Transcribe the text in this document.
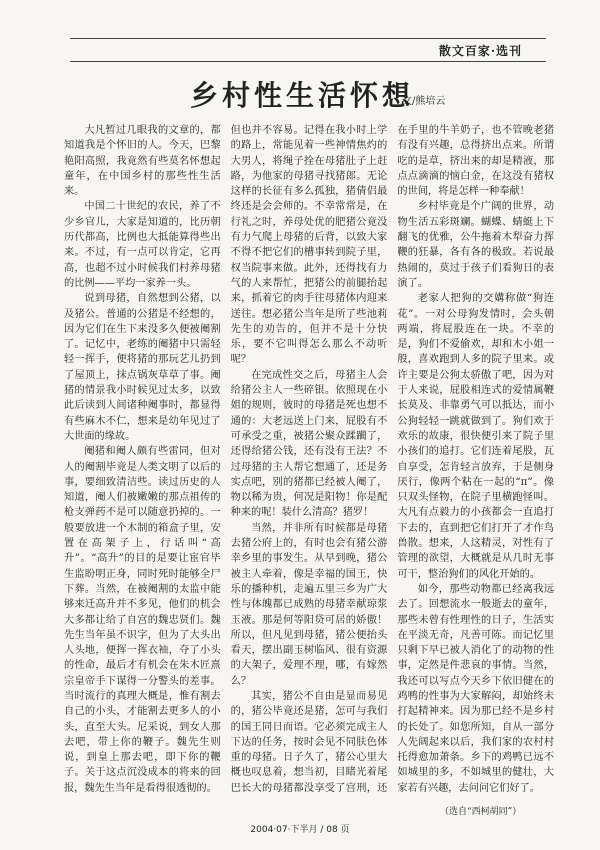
散文百家·选刊
乡村性生活怀想
文/熊培云

大凡暂过几眼我的文章的，都知道我是个怀旧的人。今天，巴黎艳阳高照，我竟然有些莫名怀想起童年，在中国乡村的那些性生活来。

中国二十世纪的农民，养了不少乡官儿，大家是知道的，比历朝历代都高，比例也大抵能算得些出来。不过，有一点可以肯定，它再高，也超不过小时候我们村养母猪的比例——平均一家养一头。

说到母猪，自然想到公猪，以及猪公。普通的公猪是不经想的，因为它们在生下来没多久便被阉割了。记忆中，老练的阉猪中只需轻轻一挥手，便将猪的那玩艺儿扔到了屋顶上，抹点锅灰草草了事。阉猪的情景我小时候见过太多，以致此后读到人间诸种阉事时，都显得有些麻木不仁，想来是幼年见过了大世面的缘故。

阉猪和阉人颇有些雷同，但对人的阉割毕竟是人类文明了以后的事，要细致清洁些。读过历史的人知道，阉人们被嫩嫩的那点祖传的枪支弹药不是可以随意扔掉的。一般要放进一个木制的箱盒子里，安置在高架子上，行话叫“高升”。“高升”的目的是要让宦官毕生监盼明正身，同时死时能够全尸下葬。当然，在被阉割的太监中能够来迁高升并不多见，他们的机会大多都让给了自宫的魏忠贤们。魏先生当年虽不识字，但为了大头出人头地，便挥一挥衣袖，夺了小头的性命，最后才有机会在朱木匠熹宗皇帝手下谋得一分警头的差事。当时流行的真理大概是，惟有割去自己的小头，才能割去更多人的小头，直至大头。尼采说，到女人那去吧，带上你的鞭子。魏先生则说，到皇上那去吧，即下你的鞭子。关于这点沉没成本的将来的回报，魏先生当年是看得很透彻的。

但也并不容易。记得在我小时上学的路上，常能见着一些神情焦灼的大男人，将绳子拴在母猪肚子上赶路，为他家的母猪寻找猪郎。无论这样的长征有多么孤独，猪倩侣最终还是会会师的。不幸常常是，在行礼之时，养母处优的肥猪公竟没有力气爬上母猪的后背，以致大家不得不把它们的槽事转到院子里，权当院事来做。此外，还得找有力气的人来帮忙，把猪公的前腿抬起来，抓着它的肉手往母猪体内迎来送往。想必猪公当年是所了些池莉先生的劝告的，但并不是十分快乐，要不它叫得怎么那么不动听呢？

在完成性交之后，母猪主人会给猪公主人一些碎银。依照现在小姐的规则，彼时的母猪是死也想不通的：大老远送上门来，屁股有不可承受之重，被猪公聚众蹂躏了，还得给猪公钱，还有没有王法？不过母猪的主人帮它想通了，还是务实点吧，别的猪都已经被人阉了，物以稀为贵，何况是阳物！你是配种来的呢！装什么清高？猪罗！

当然，并非所有时候都是母猪去猪公府上的，有时也会有猪公游幸乡里的事发生。从早到晚，猪公被主人牵着，像是幸福的国王，快乐的播种机，走遍五里三乡为广大性与体魄都已成熟的母猪幸献琼浆玉液。那是何等阳贷可居的娇傲！所以，但凡见到母猪，猪公便抬头看天，摆出副玉树临风、很有资源的大架子，爱理不理，哪，有嫁然么？

其实，猪公不自由是显而易见的，猪公毕竟还是猪，怎可与我们的国王同日而语。它必须完成主人下达的任务，按时会见不同肤色体重的母猪。日子久了，猪公心里大概也叹息着，想当初，目睹光着尾巴长大的母猪都没享受了宫刑，还

在手里的牛羊奶子，也不管晚老猪有没有兴趣，总得挤出点来。所谓吃的是草，挤出来的却是精液，那点点滴滴的恼白金，在这没有猪权的世间，将是怎样一种奉献！

乡村毕竟是个广阔的世界，动物生活五彩斑斓。蝴蝶、蜻蜓上下翻飞的优雅，公牛拖着木犁奋力挥鞭的狂暴，各有各的极致。若说最热闹的，莫过于孩子们看狗日的表演了。

老家人把狗的交媾称做“狗连花”。一对公母狗发情时，会头朝两端，将屁股连在一块。不幸的是，狗们不爱偷欢，却和木小姐一般，喜欢跑到人多的院子里来。或许主要是公狗太骄傲了吧，因为对于人来说，屁股相连式的爱情属鞭长莫及、非靠勇气可以抵达，而小公狗轻轻一跳就做到了。狗们欢于欢乐的故康，很快便引来了院子里小孩们的追打。它们连着尾股，瓦自享受，怎肯轻言放弃，于是侧身厌行，像两个粘在一起的“π”。像只双头怪物，在院子里横跑怪叫。大凡有点毅力的小孩都会一直追打下去的，直到把它们打开了才作鸟兽散。想来，人这精灵，对性有了管理的欲望，大概就是从几时无事可干，整治狗们的风化开始的。

如今，那些动物都已经离我远去了。回想流水一般逝去的童年，那些未曾有性理性的日子，生活实在平淡无奇，凡善可陈。而记忆里只剩下早已被人消化了的动物的性事，定然是件悲哀的事情。当然，我还可以写点今天乡下依旧健在的鸡鸭的性事为大家解闷，却始终未打起精神来。因为那已经不是乡村的长处了。如您所知，自从一部分人先阔起来以后，我们家的农村村托得愈加萧条。乡下的鸡鸭已远不如城里的多，不如城里的健壮，大家若有兴趣，去问问它们好了。

（选自“西柯胡同”）
2004·07·下半月 / 08 页
